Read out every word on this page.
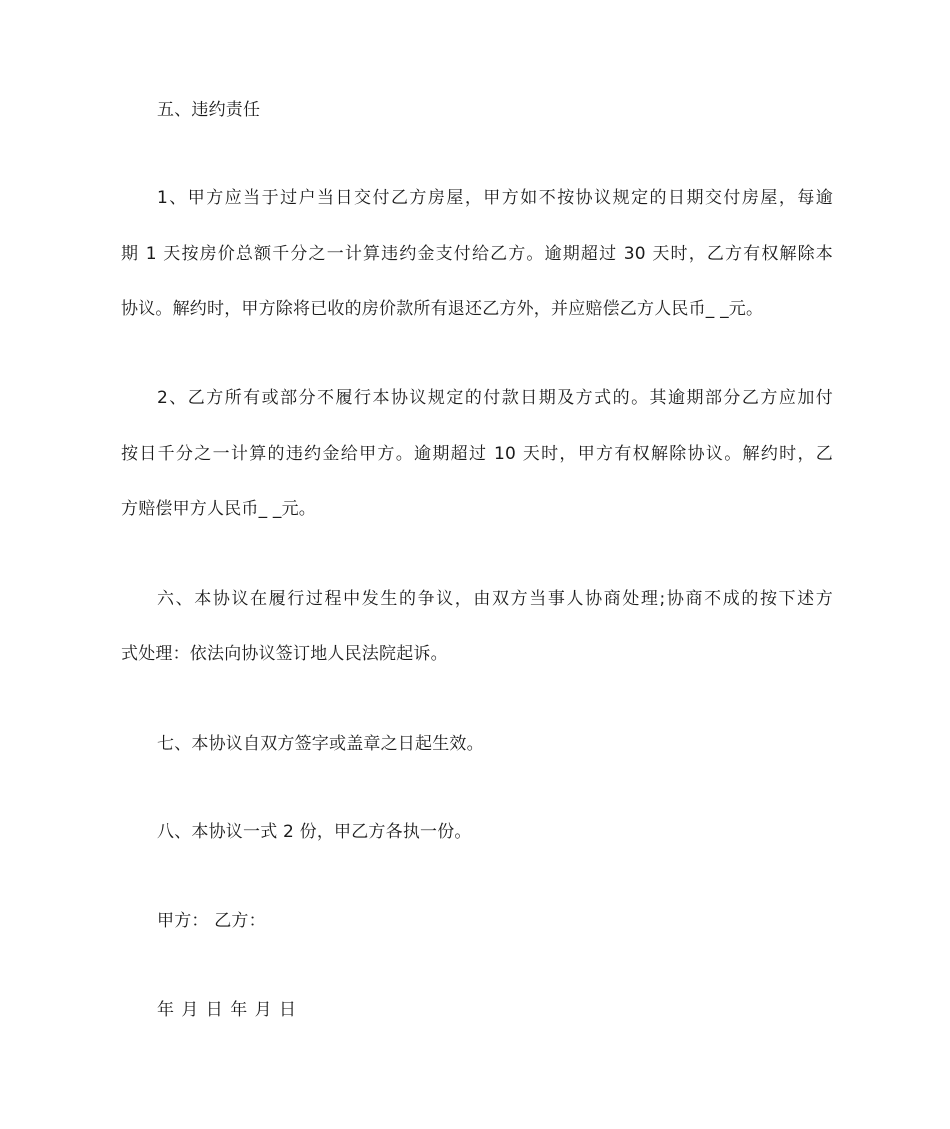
五、违约责任
1、甲方应当于过户当日交付乙方房屋，甲方如不按协议规定的日期交付房屋，每逾
期 1 天按房价总额千分之一计算违约金支付给乙方。逾期超过 30 天时，乙方有权解除本
协议。解约时，甲方除将已收的房价款所有退还乙方外，并应赔偿乙方人民币_ _元。
2、乙方所有或部分不履行本协议规定的付款日期及方式的。其逾期部分乙方应加付
按日千分之一计算的违约金给甲方。逾期超过 10 天时，甲方有权解除协议。解约时，乙
方赔偿甲方人民币_ _元。
六、本协议在履行过程中发生的争议，由双方当事人协商处理;协商不成的按下述方
式处理：依法向协议签订地人民法院起诉。
七、本协议自双方签字或盖章之日起生效。
八、本协议一式 2 份，甲乙方各执一份。
甲方： 乙方：
年 月 日 年 月 日
